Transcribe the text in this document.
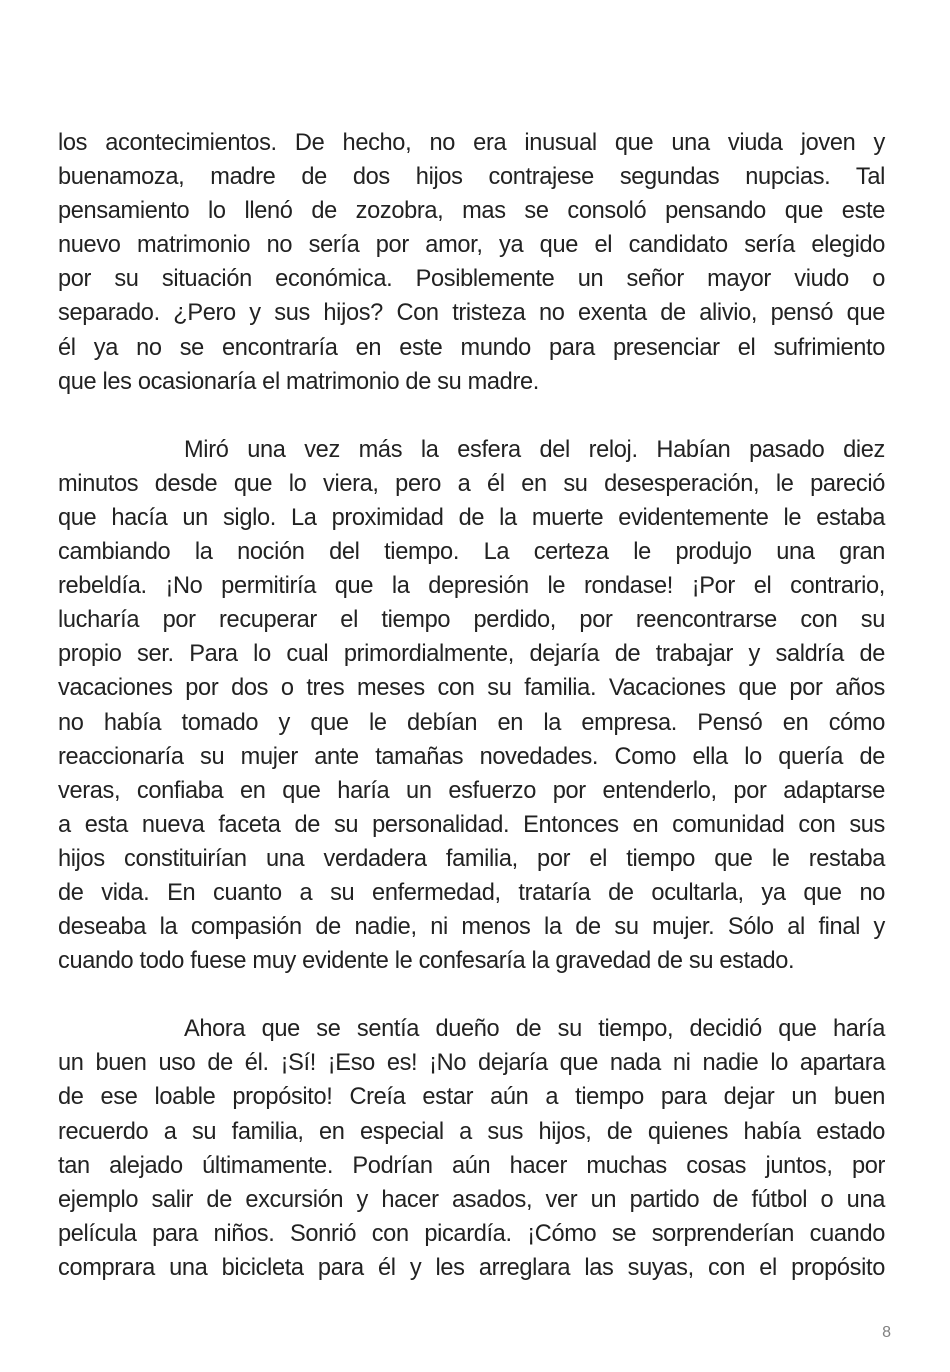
los acontecimientos. De hecho, no era inusual que una viuda joven y
buenamoza, madre de dos hijos contrajese segundas nupcias. Tal
pensamiento lo llenó de zozobra, mas se consoló pensando que este
nuevo matrimonio no sería por amor, ya que el candidato sería elegido
por su situación económica. Posiblemente un señor mayor viudo o
separado. ¿Pero y sus hijos? Con tristeza no exenta de alivio, pensó que
él ya no se encontraría en este mundo para presenciar el sufrimiento
que les ocasionaría el matrimonio de su madre.
Miró una vez más la esfera del reloj. Habían pasado diez
minutos desde que lo viera, pero a él en su desesperación, le pareció
que hacía un siglo. La proximidad de la muerte evidentemente le estaba
cambiando la noción del tiempo. La certeza le produjo una gran
rebeldía. ¡No permitiría que la depresión le rondase! ¡Por el contrario,
lucharía por recuperar el tiempo perdido, por reencontrarse con su
propio ser. Para lo cual primordialmente, dejaría de trabajar y saldría de
vacaciones por dos o tres meses con su familia. Vacaciones que por años
no había tomado y que le debían en la empresa. Pensó en cómo
reaccionaría su mujer ante tamañas novedades. Como ella lo quería de
veras, confiaba en que haría un esfuerzo por entenderlo, por adaptarse
a esta nueva faceta de su personalidad. Entonces en comunidad con sus
hijos constituirían una verdadera familia, por el tiempo que le restaba
de vida. En cuanto a su enfermedad, trataría de ocultarla, ya que no
deseaba la compasión de nadie, ni menos la de su mujer. Sólo al final y
cuando todo fuese muy evidente le confesaría la gravedad de su estado.
Ahora que se sentía dueño de su tiempo, decidió que haría
un buen uso de él. ¡Sí! ¡Eso es! ¡No dejaría que nada ni nadie lo apartara
de ese loable propósito! Creía estar aún a tiempo para dejar un buen
recuerdo a su familia, en especial a sus hijos, de quienes había estado
tan alejado últimamente. Podrían aún hacer muchas cosas juntos, por
ejemplo salir de excursión y hacer asados, ver un partido de fútbol o una
película para niños. Sonrió con picardía. ¡Cómo se sorprenderían cuando
comprara una bicicleta para él y les arreglara las suyas, con el propósito
8
